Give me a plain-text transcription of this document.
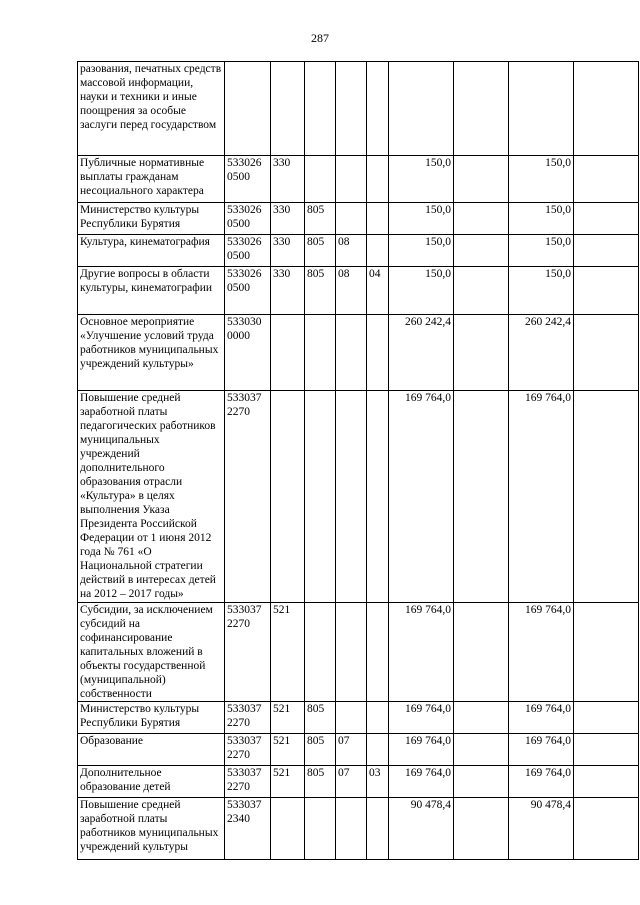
287
разования, печатных средств массовой информации, науки и техники и иные поощрения за особые заслуги перед государством									
Публичные нормативные выплаты гражданам несоциального характера	533026 0500	330				150,0		150,0	
Министерство культуры Республики Бурятия	533026 0500	330	805			150,0		150,0	
Культура, кинематография	533026 0500	330	805	08		150,0		150,0	
Другие вопросы в области культуры, кинематографии	533026 0500	330	805	08	04	150,0		150,0	
Основное мероприятие «Улучшение условий труда работников муниципальных учреждений культуры»	533030 0000					260 242,4		260 242,4	
Повышение средней заработной платы педагогических работников муниципальных учреждений дополнительного образования отрасли «Культура» в целях выполнения Указа Президента Российской Федерации от 1 июня 2012 года № 761 «О Национальной стратегии действий в интересах детей на 2012 – 2017 годы»	533037 2270					169 764,0		169 764,0	
Субсидии, за исключением субсидий на софинансирование капитальных вложений в объекты государственной (муниципальной) собственности	533037 2270	521				169 764,0		169 764,0	
Министерство культуры Республики Бурятия	533037 2270	521	805			169 764,0		169 764,0	
Образование	533037 2270	521	805	07		169 764,0		169 764,0	
Дополнительное образование детей	533037 2270	521	805	07	03	169 764,0		169 764,0	
Повышение средней заработной платы работников муниципальных учреждений культуры	533037 2340					90 478,4		90 478,4	
